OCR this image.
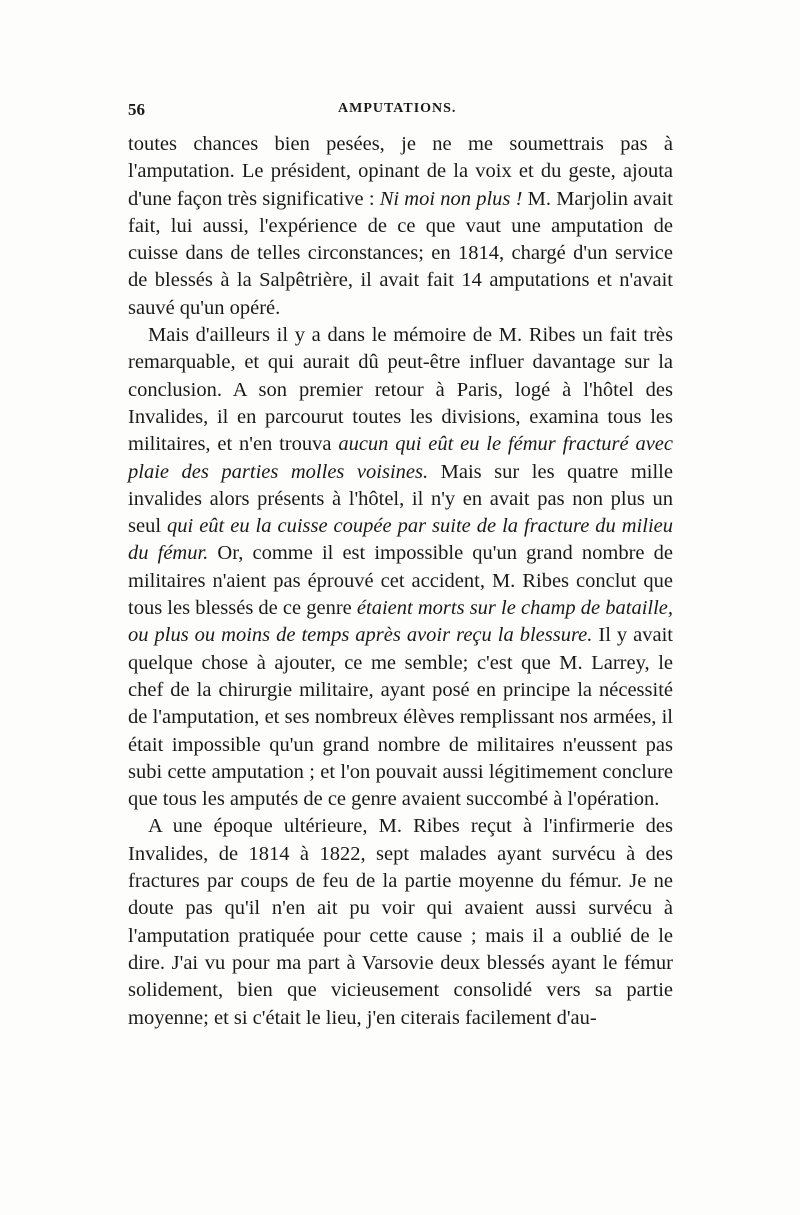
56	AMPUTATIONS.

toutes chances bien pesées, je ne me soumettrais pas à l'amputation. Le président, opinant de la voix et du geste, ajouta d'une façon très significative : Ni moi non plus ! M. Marjolin avait fait, lui aussi, l'expérience de ce que vaut une amputation de cuisse dans de telles circonstances; en 1814, chargé d'un service de blessés à la Salpêtrière, il avait fait 14 amputations et n'avait sauvé qu'un opéré.

Mais d'ailleurs il y a dans le mémoire de M. Ribes un fait très remarquable, et qui aurait dû peut-être influer davantage sur la conclusion. A son premier retour à Paris, logé à l'hôtel des Invalides, il en parcourut toutes les divisions, examina tous les militaires, et n'en trouva aucun qui eût eu le fémur fracturé avec plaie des parties molles voisines. Mais sur les quatre mille invalides alors présents à l'hôtel, il n'y en avait pas non plus un seul qui eût eu la cuisse coupée par suite de la fracture du milieu du fémur. Or, comme il est impossible qu'un grand nombre de militaires n'aient pas éprouvé cet accident, M. Ribes conclut que tous les blessés de ce genre étaient morts sur le champ de bataille, ou plus ou moins de temps après avoir reçu la blessure. Il y avait quelque chose à ajouter, ce me semble; c'est que M. Larrey, le chef de la chirurgie militaire, ayant posé en principe la nécessité de l'amputation, et ses nombreux élèves remplissant nos armées, il était impossible qu'un grand nombre de militaires n'eussent pas subi cette amputation ; et l'on pouvait aussi légitimement conclure que tous les amputés de ce genre avaient succombé à l'opération.

A une époque ultérieure, M. Ribes reçut à l'infirmerie des Invalides, de 1814 à 1822, sept malades ayant survécu à des fractures par coups de feu de la partie moyenne du fémur. Je ne doute pas qu'il n'en ait pu voir qui avaient aussi survécu à l'amputation pratiquée pour cette cause ; mais il a oublié de le dire. J'ai vu pour ma part à Varsovie deux blessés ayant le fémur solidement, bien que vicieusement consolidé vers sa partie moyenne; et si c'était le lieu, j'en citerais facilement d'au-
